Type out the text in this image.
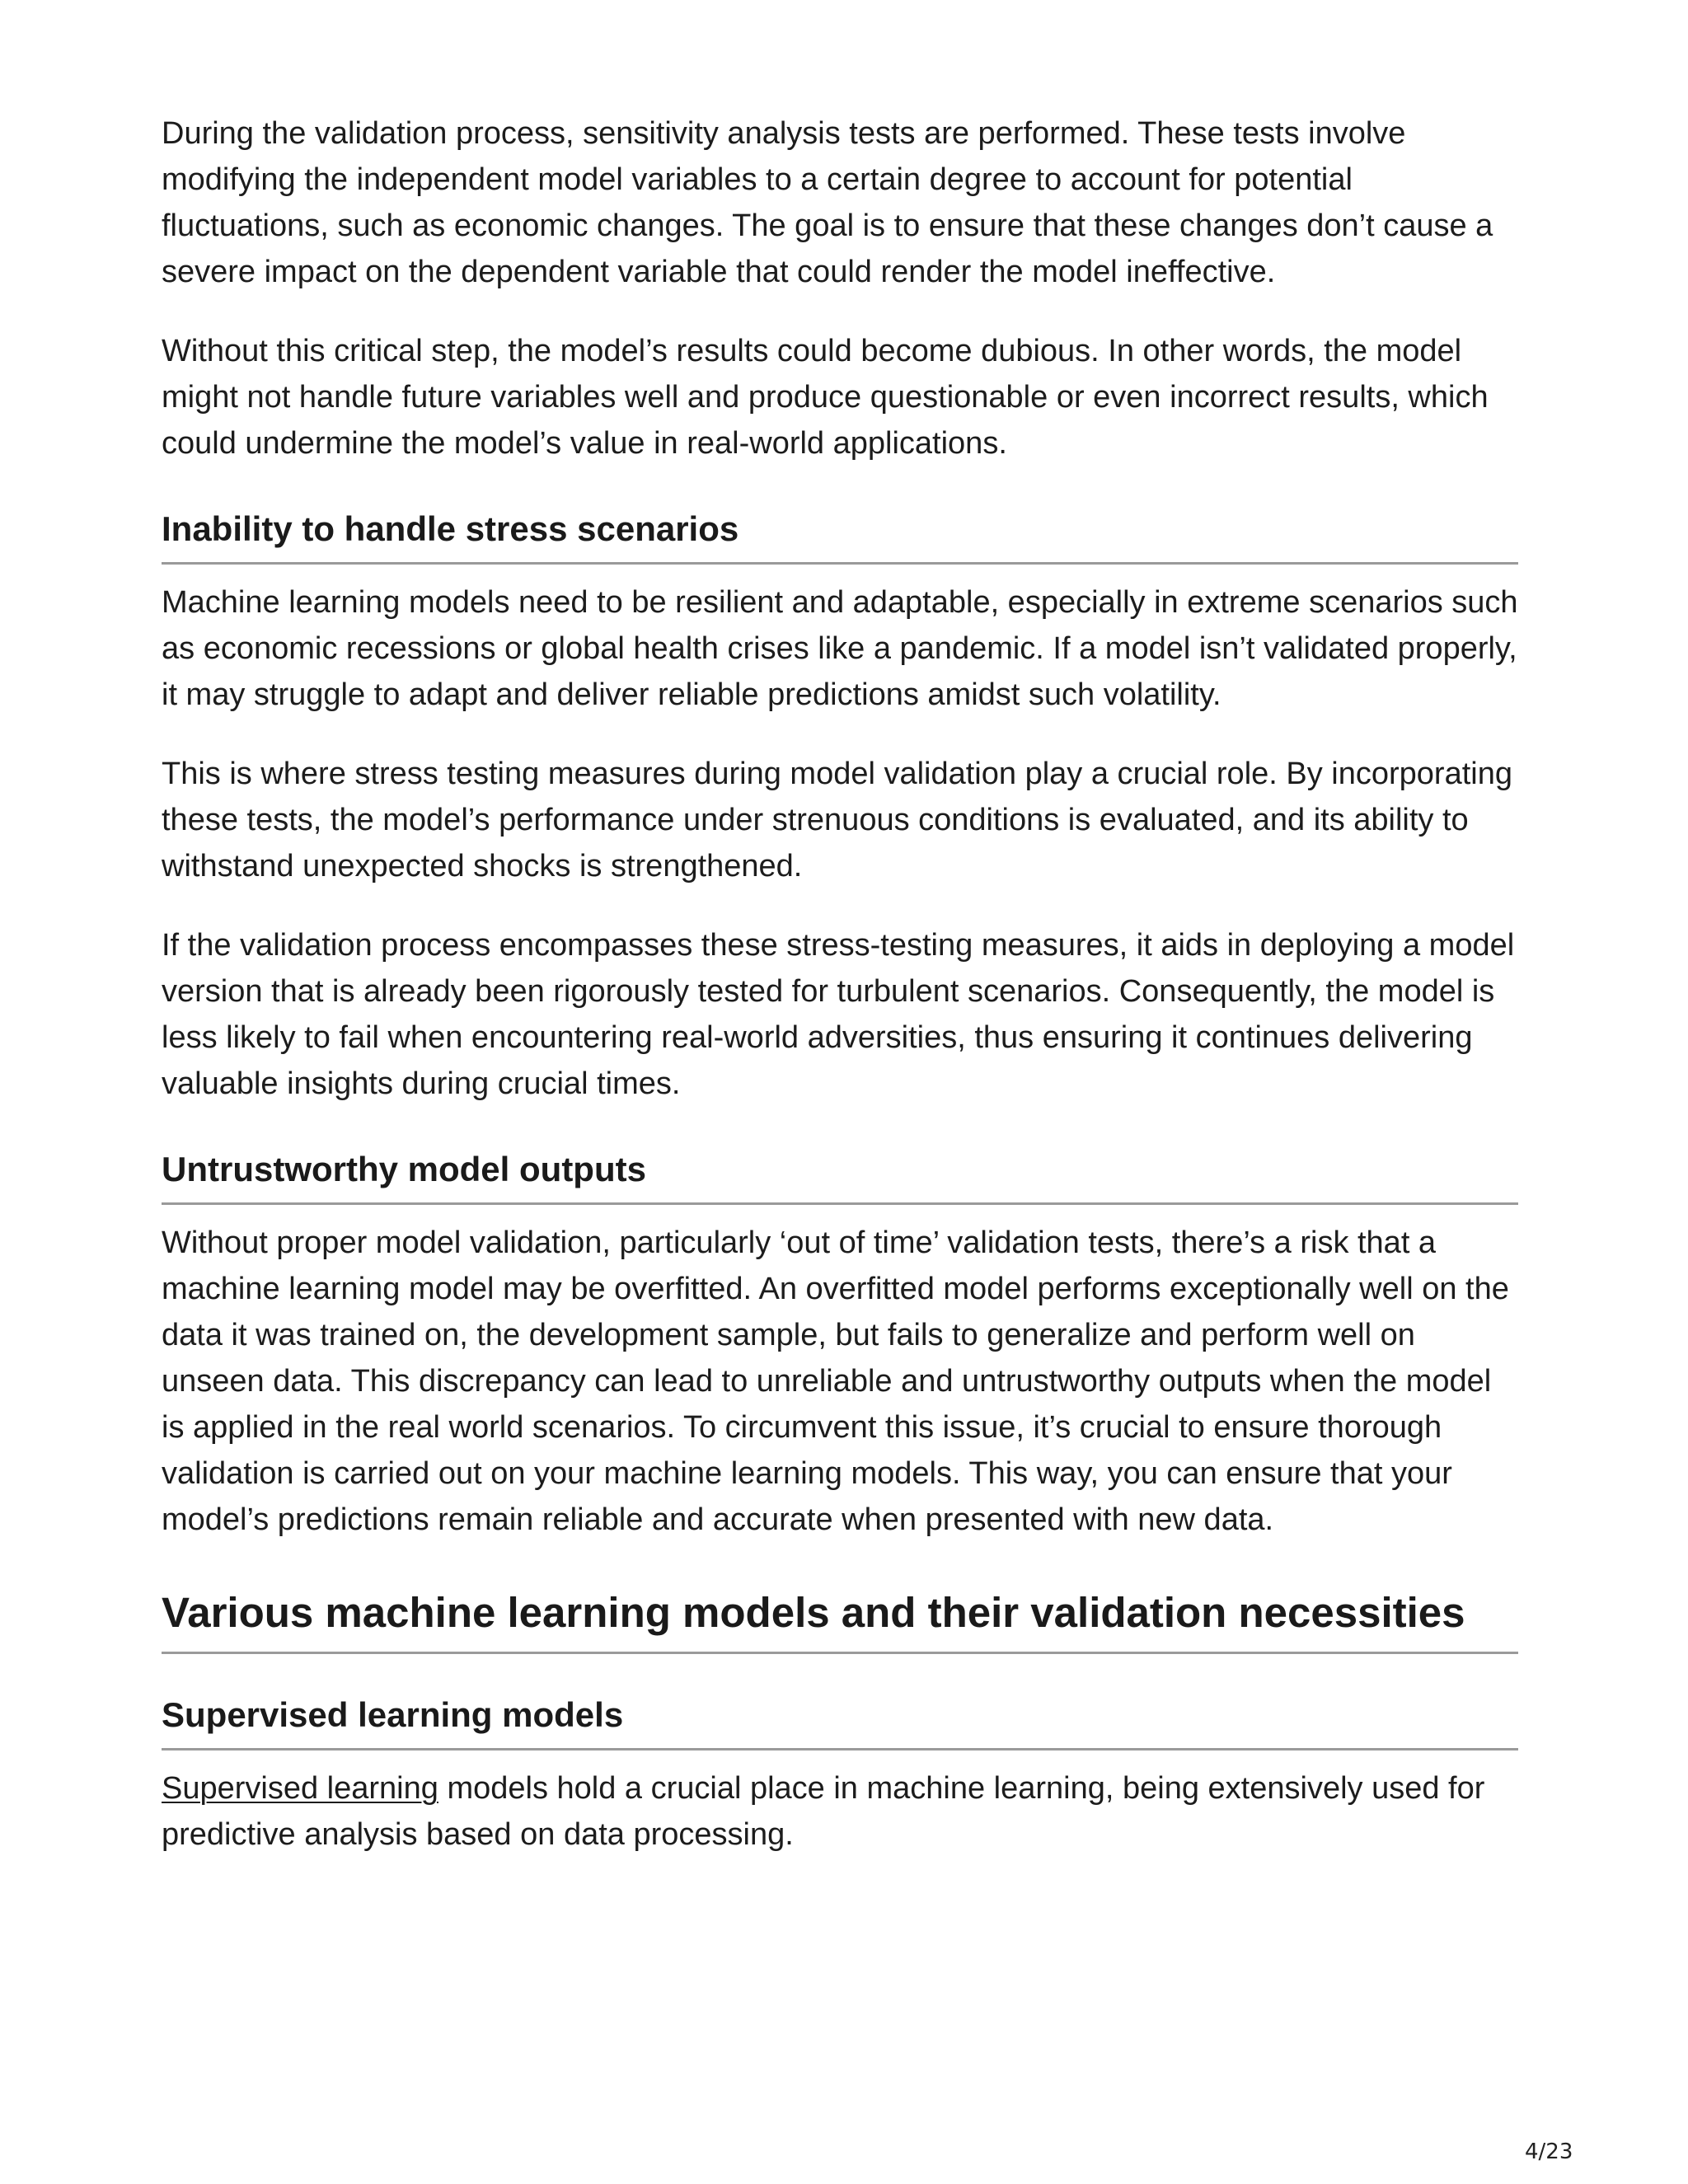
During the validation process, sensitivity analysis tests are performed. These tests involve modifying the independent model variables to a certain degree to account for potential fluctuations, such as economic changes. The goal is to ensure that these changes don’t cause a severe impact on the dependent variable that could render the model ineffective.

Without this critical step, the model’s results could become dubious. In other words, the model might not handle future variables well and produce questionable or even incorrect results, which could undermine the model’s value in real-world applications.

Inability to handle stress scenarios

Machine learning models need to be resilient and adaptable, especially in extreme scenarios such as economic recessions or global health crises like a pandemic. If a model isn’t validated properly, it may struggle to adapt and deliver reliable predictions amidst such volatility.

This is where stress testing measures during model validation play a crucial role. By incorporating these tests, the model’s performance under strenuous conditions is evaluated, and its ability to withstand unexpected shocks is strengthened.

If the validation process encompasses these stress-testing measures, it aids in deploying a model version that is already been rigorously tested for turbulent scenarios. Consequently, the model is less likely to fail when encountering real-world adversities, thus ensuring it continues delivering valuable insights during crucial times.

Untrustworthy model outputs

Without proper model validation, particularly ‘out of time’ validation tests, there’s a risk that a machine learning model may be overfitted. An overfitted model performs exceptionally well on the data it was trained on, the development sample, but fails to generalize and perform well on unseen data. This discrepancy can lead to unreliable and untrustworthy outputs when the model is applied in the real world scenarios. To circumvent this issue, it’s crucial to ensure thorough validation is carried out on your machine learning models. This way, you can ensure that your model’s predictions remain reliable and accurate when presented with new data.

Various machine learning models and their validation necessities
Supervised learning models

Supervised learning models hold a crucial place in machine learning, being extensively used for predictive analysis based on data processing.

4/23
